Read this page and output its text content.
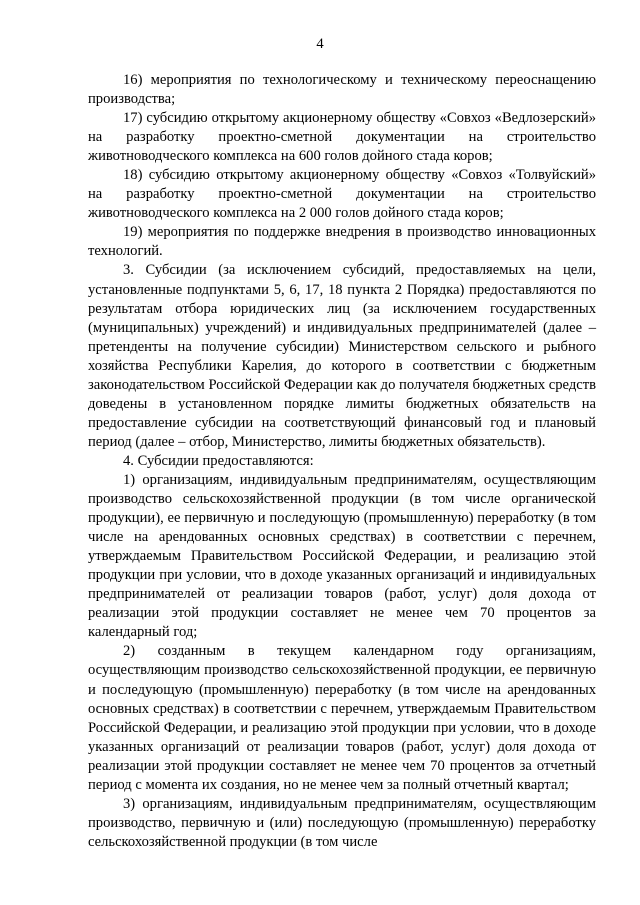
4

16) мероприятия по технологическому и техническому переоснащению производства;

17) субсидию открытому акционерному обществу «Совхоз «Ведлозерский» на разработку проектно-сметной документации на строительство животноводческого комплекса на 600 голов дойного стада коров;

18) субсидию открытому акционерному обществу «Совхоз «Толвуйский» на разработку проектно-сметной документации на строительство животноводческого комплекса на 2 000 голов дойного стада коров;

19) мероприятия по поддержке внедрения в производство инновационных технологий.

3. Субсидии (за исключением субсидий, предоставляемых на цели, установленные подпунктами 5, 6, 17, 18 пункта 2 Порядка) предоставляются по результатам отбора юридических лиц (за исключением государственных (муниципальных) учреждений) и индивидуальных предпринимателей (далее – претенденты на получение субсидии) Министерством сельского и рыбного хозяйства Республики Карелия, до которого в соответствии с бюджетным законодательством Российской Федерации как до получателя бюджетных средств доведены в установленном порядке лимиты бюджетных обязательств на предоставление субсидии на соответствующий финансовый год и плановый период (далее – отбор, Министерство, лимиты бюджетных обязательств).

4. Субсидии предоставляются:

1) организациям, индивидуальным предпринимателям, осуществляющим производство сельскохозяйственной продукции (в том числе органической продукции), ее первичную и последующую (промышленную) переработку (в том числе на арендованных основных средствах) в соответствии с перечнем, утверждаемым Правительством Российской Федерации, и реализацию этой продукции при условии, что в доходе указанных организаций и индивидуальных предпринимателей от реализации товаров (работ, услуг) доля дохода от реализации этой продукции составляет не менее чем 70 процентов за календарный год;

2) созданным в текущем календарном году организациям, осуществляющим производство сельскохозяйственной продукции, ее первичную и последующую (промышленную) переработку (в том числе на арендованных основных средствах) в соответствии с перечнем, утверждаемым Правительством Российской Федерации, и реализацию этой продукции при условии, что в доходе указанных организаций от реализации товаров (работ, услуг) доля дохода от реализации этой продукции составляет не менее чем 70 процентов за отчетный период с момента их создания, но не менее чем за полный отчетный квартал;

3) организациям, индивидуальным предпринимателям, осуществляющим производство, первичную и (или) последующую (промышленную) переработку сельскохозяйственной продукции (в том числе
